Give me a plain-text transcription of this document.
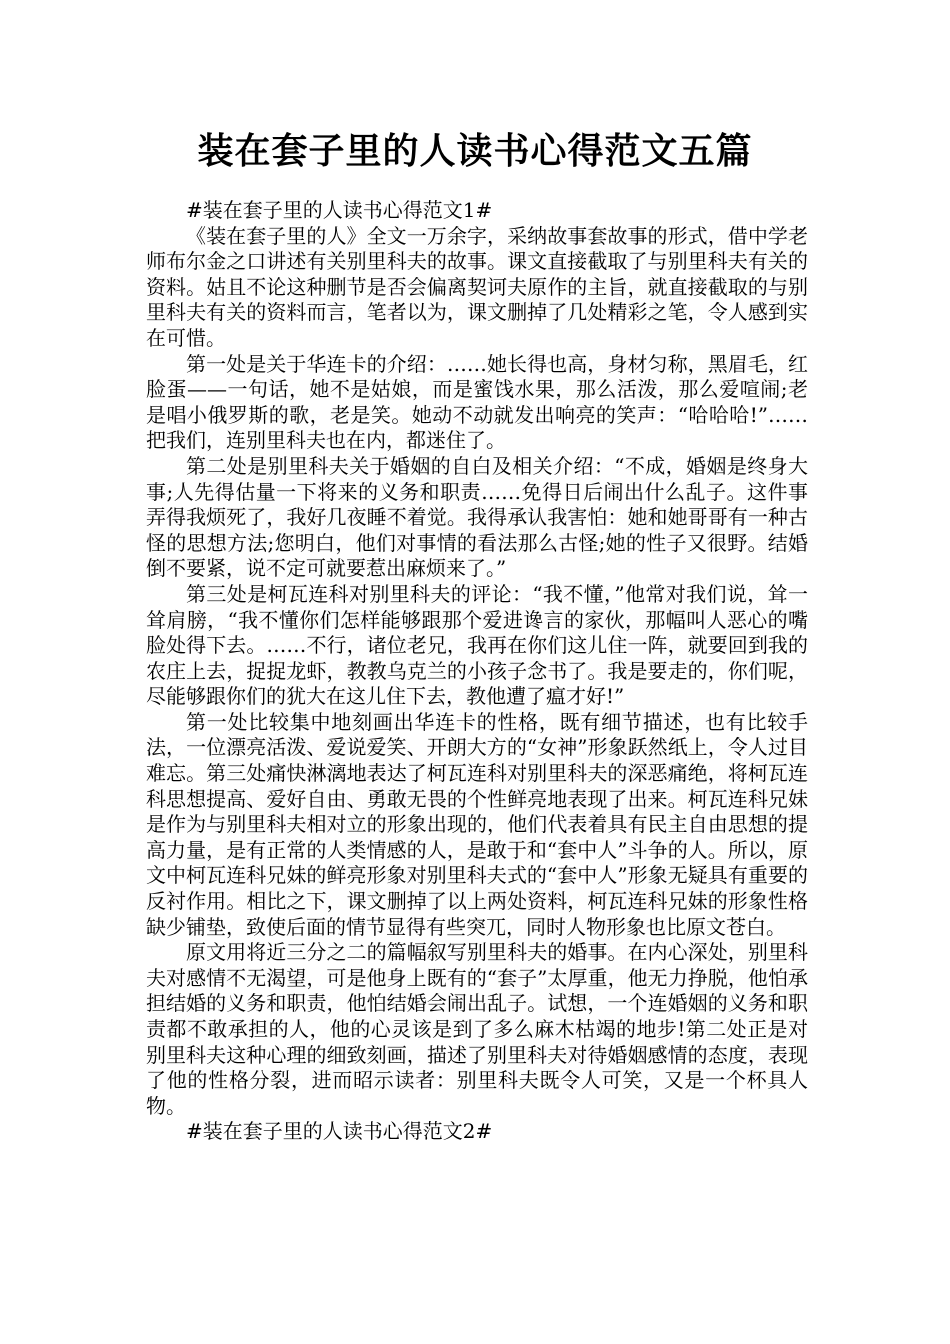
装在套子里的人读书心得范文五篇

#装在套子里的人读书心得范文1#

《装在套子里的人》全文一万余字，采纳故事套故事的形式，借中学老师布尔金之口讲述有关别里科夫的故事。课文直接截取了与别里科夫有关的资料。姑且不论这种删节是否会偏离契诃夫原作的主旨，就直接截取的与别里科夫有关的资料而言，笔者以为，课文删掉了几处精彩之笔，令人感到实在可惜。

第一处是关于华连卡的介绍：……她长得也高，身材匀称，黑眉毛，红脸蛋——一句话，她不是姑娘，而是蜜饯水果，那么活泼，那么爱喧闹;老是唱小俄罗斯的歌，老是笑。她动不动就发出响亮的笑声：“哈哈哈!”……把我们，连别里科夫也在内，都迷住了。

第二处是别里科夫关于婚姻的自白及相关介绍：“不成，婚姻是终身大事;人先得估量一下将来的义务和职责……免得日后闹出什么乱子。这件事弄得我烦死了，我好几夜睡不着觉。我得承认我害怕：她和她哥哥有一种古怪的思想方法;您明白，他们对事情的看法那么古怪;她的性子又很野。结婚倒不要紧，说不定可就要惹出麻烦来了。”

第三处是柯瓦连科对别里科夫的评论：“我不懂，”他常对我们说，耸一耸肩膀，“我不懂你们怎样能够跟那个爱进谗言的家伙，那幅叫人恶心的嘴脸处得下去。……不行，诸位老兄，我再在你们这儿住一阵，就要回到我的农庄上去，捉捉龙虾，教教乌克兰的小孩子念书了。我是要走的，你们呢，尽能够跟你们的犹大在这儿住下去，教他遭了瘟才好!”

第一处比较集中地刻画出华连卡的性格，既有细节描述，也有比较手法，一位漂亮活泼、爱说爱笑、开朗大方的“女神”形象跃然纸上，令人过目难忘。第三处痛快淋漓地表达了柯瓦连科对别里科夫的深恶痛绝，将柯瓦连科思想提高、爱好自由、勇敢无畏的个性鲜亮地表现了出来。柯瓦连科兄妹是作为与别里科夫相对立的形象出现的，他们代表着具有民主自由思想的提高力量，是有正常的人类情感的人，是敢于和“套中人”斗争的人。所以，原文中柯瓦连科兄妹的鲜亮形象对别里科夫式的“套中人”形象无疑具有重要的反衬作用。相比之下，课文删掉了以上两处资料，柯瓦连科兄妹的形象性格缺少铺垫，致使后面的情节显得有些突兀，同时人物形象也比原文苍白。

原文用将近三分之二的篇幅叙写别里科夫的婚事。在内心深处，别里科夫对感情不无渴望，可是他身上既有的“套子”太厚重，他无力挣脱，他怕承担结婚的义务和职责，他怕结婚会闹出乱子。试想，一个连婚姻的义务和职责都不敢承担的人，他的心灵该是到了多么麻木枯竭的地步!第二处正是对别里科夫这种心理的细致刻画，描述了别里科夫对待婚姻感情的态度，表现了他的性格分裂，进而昭示读者：别里科夫既令人可笑，又是一个杯具人物。

#装在套子里的人读书心得范文2#
